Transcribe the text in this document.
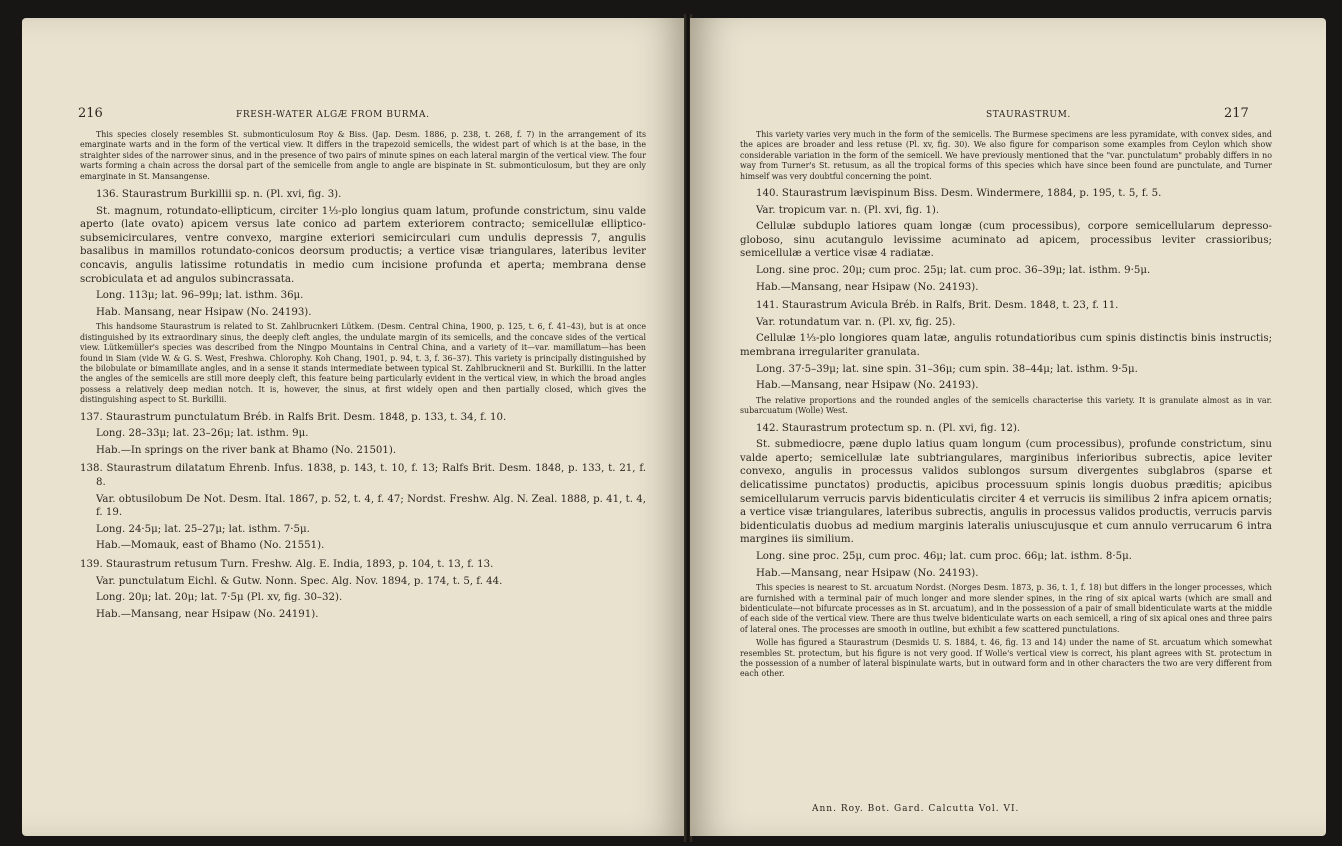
216	FRESH-WATER ALGÆ FROM BURMA.

This species closely resembles St. submonticulosum Roy & Biss. (Jap. Desm. 1886, p. 238, t. 268, f. 7) in the arrangement of its emarginate warts and in the form of the vertical view. It differs in the trapezoid semicells, the widest part of which is at the base, in the straighter sides of the narrower sinus, and in the presence of two pairs of minute spines on each lateral margin of the vertical view. The four warts forming a chain across the dorsal part of the semicelle from angle to angle are bispinate in St. submonticulosum, but they are only emarginate in St. Mansangense.

136. Staurastrum Burkillii sp. n. (Pl. xvi, fig. 3).

St. magnum, rotundato-ellipticum, circiter 1⅓-plo longius quam latum, profunde constrictum, sinu valde aperto (late ovato) apicem versus late conico ad partem exteriorem contracto; semicellulæ elliptico-subsemicirculares, ventre convexo, margine exteriori semicirculari cum undulis depressis 7, angulis basalibus in mamillos rotundato-conicos deorsum productis; a vertice visæ triangulares, lateribus leviter concavis, angulis latissime rotundatis in medio cum incisione profunda et aperta; membrana dense scrobiculata et ad angulos subincrassata.

Long. 113μ; lat. 96–99μ; lat. isthm. 36μ.

Hab. Mansang, near Hsipaw (No. 24193).

This handsome Staurastrum is related to St. Zahlbrucnkeri Lütkem. (Desm. Central China, 1900, p. 125, t. 6, f. 41–43), but is at once distinguished by its extraordinary sinus, the deeply cleft angles, the undulate margin of its semicells, and the concave sides of the vertical view. Lütkemüller's species was described from the Ningpo Mountains in Central China, and a variety of it—var. mamillatum—has been found in Siam (vide W. & G. S. West, Freshwa. Chlorophy. Koh Chang, 1901, p. 94, t. 3, f. 36–37). This variety is principally distinguished by the bilobulate or bimamillate angles, and in a sense it stands intermediate between typical St. Zahlbrucknerii and St. Burkillii. In the latter the angles of the semicells are still more deeply cleft, this feature being particularly evident in the vertical view, in which the broad angles possess a relatively deep median notch. It is, however, the sinus, at first widely open and then partially closed, which gives the distinguishing aspect to St. Burkillii.

137. Staurastrum punctulatum Bréb. in Ralfs Brit. Desm. 1848, p. 133, t. 34, f. 10.

Long. 28–33μ; lat. 23–26μ; lat. isthm. 9μ.

Hab.—In springs on the river bank at Bhamo (No. 21501).

138. Staurastrum dilatatum Ehrenb. Infus. 1838, p. 143, t. 10, f. 13; Ralfs Brit. Desm. 1848, p. 133, t. 21, f. 8.

Var. obtusilobum De Not. Desm. Ital. 1867, p. 52, t. 4, f. 47; Nordst. Freshw. Alg. N. Zeal. 1888, p. 41, t. 4, f. 19.

Long. 24·5μ; lat. 25–27μ; lat. isthm. 7·5μ.

Hab.—Momauk, east of Bhamo (No. 21551).

139. Staurastrum retusum Turn. Freshw. Alg. E. India, 1893, p. 104, t. 13, f. 13.

Var. punctulatum Eichl. & Gutw. Nonn. Spec. Alg. Nov. 1894, p. 174, t. 5, f. 44.

Long. 20μ; lat. 20μ; lat. 7·5μ (Pl. xv, fig. 30–32).

Hab.—Mansang, near Hsipaw (No. 24191).

STAURASTRUM.	217

This variety varies very much in the form of the semicells. The Burmese specimens are less pyramidate, with convex sides, and the apices are broader and less retuse (Pl. xv, fig. 30). We also figure for comparison some examples from Ceylon which show considerable variation in the form of the semicell. We have previously mentioned that the "var. punctulatum" probably differs in no way from Turner's St. retusum, as all the tropical forms of this species which have since been found are punctulate, and Turner himself was very doubtful concerning the point.

140. Staurastrum lævispinum Biss. Desm. Windermere, 1884, p. 195, t. 5, f. 5.

Var. tropicum var. n. (Pl. xvi, fig. 1).

Cellulæ subduplo latiores quam longæ (cum processibus), corpore semicellularum depresso-globoso, sinu acutangulo levissime acuminato ad apicem, processibus leviter crassioribus; semicellulæ a vertice visæ 4 radiatæ.

Long. sine proc. 20μ; cum proc. 25μ; lat. cum proc. 36–39μ; lat. isthm. 9·5μ.

Hab.—Mansang, near Hsipaw (No. 24193).

141. Staurastrum Avicula Bréb. in Ralfs, Brit. Desm. 1848, t. 23, f. 11.

Var. rotundatum var. n. (Pl. xv, fig. 25).

Cellulæ 1⅓-plo longiores quam latæ, angulis rotundatioribus cum spinis distinctis binis instructis; membrana irregulariter granulata.

Long. 37·5–39μ; lat. sine spin. 31–36μ; cum spin. 38–44μ; lat. isthm. 9·5μ.

Hab.—Mansang, near Hsipaw (No. 24193).

The relative proportions and the rounded angles of the semicells characterise this variety. It is granulate almost as in var. subarcuatum (Wolle) West.

142. Staurastrum protectum sp. n. (Pl. xvi, fig. 12).

St. submediocre, pæne duplo latius quam longum (cum processibus), profunde constrictum, sinu valde aperto; semicellulæ late subtriangulares, marginibus inferioribus subrectis, apice leviter convexo, angulis in processus validos sublongos sursum divergentes subglabros (sparse et delicatissime punctatos) productis, apicibus processuum spinis longis duobus præditis; apicibus semicellularum verrucis parvis bidenticulatis circiter 4 et verrucis iis similibus 2 infra apicem ornatis; a vertice visæ triangulares, lateribus subrectis, angulis in processus validos productis, verrucis parvis bidenticulatis duobus ad medium marginis lateralis uniuscujusque et cum annulo verrucarum 6 intra margines iis similium.

Long. sine proc. 25μ, cum proc. 46μ; lat. cum proc. 66μ; lat. isthm. 8·5μ.

Hab.—Mansang, near Hsipaw (No. 24193).

This species is nearest to St. arcuatum Nordst. (Norges Desm. 1873, p. 36, t. 1, f. 18) but differs in the longer processes, which are furnished with a terminal pair of much longer and more slender spines, in the ring of six apical warts (which are small and bidenticulate—not bifurcate processes as in St. arcuatum), and in the possession of a pair of small bidenticulate warts at the middle of each side of the vertical view. There are thus twelve bidenticulate warts on each semicell, a ring of six apical ones and three pairs of lateral ones. The processes are smooth in outline, but exhibit a few scattered punctulations.

Wolle has figured a Staurastrum (Desmids U. S. 1884, t. 46, fig. 13 and 14) under the name of St. arcuatum which somewhat resembles St. protectum, but his figure is not very good. If Wolle's vertical view is correct, his plant agrees with St. protectum in the possession of a number of lateral bispinulate warts, but in outward form and in other characters the two are very different from each other.

Ann. Roy. Bot. Gard. Calcutta Vol. VI.
